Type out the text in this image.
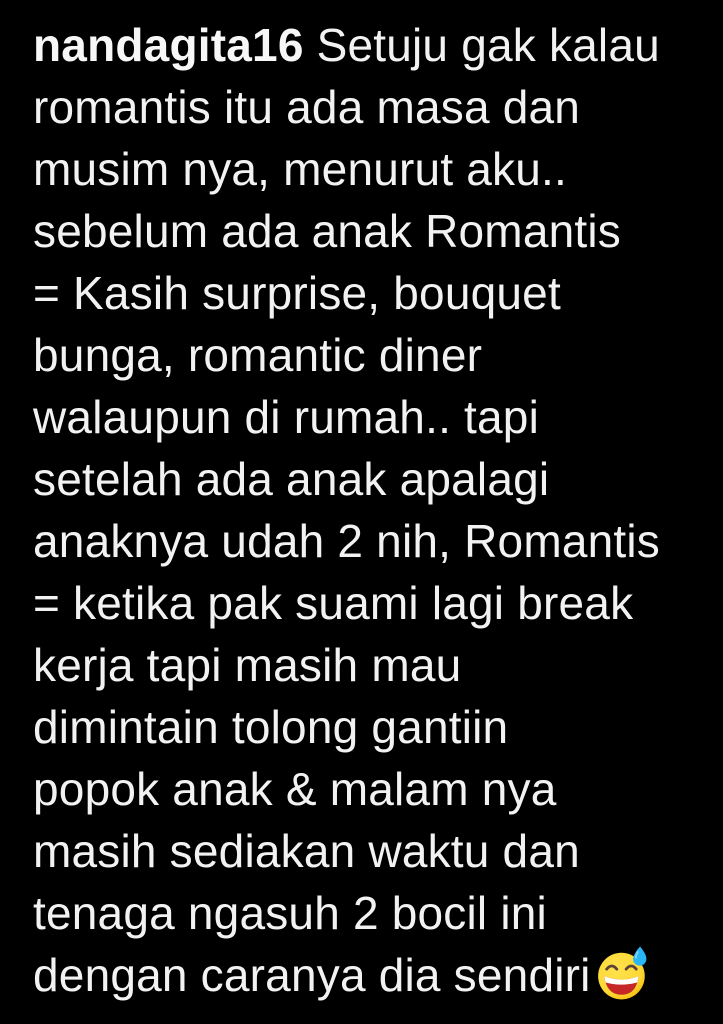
nandagita16 Setuju gak kalau
romantis itu ada masa dan
musim nya, menurut aku..
sebelum ada anak Romantis
= Kasih surprise, bouquet
bunga, romantic diner
walaupun di rumah.. tapi
setelah ada anak apalagi
anaknya udah 2 nih, Romantis
= ketika pak suami lagi break
kerja tapi masih mau
dimintain tolong gantiin
popok anak & malam nya
masih sediakan waktu dan
tenaga ngasuh 2 bocil ini
dengan caranya dia sendiri
